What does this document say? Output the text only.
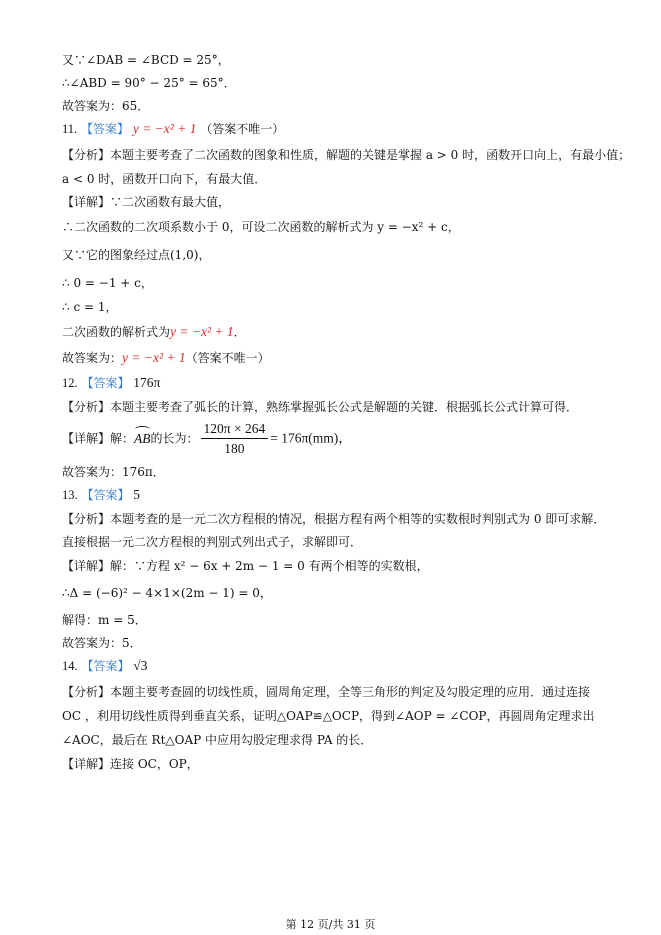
又∵∠DAB = ∠BCD = 25°，
∴∠ABD = 90° − 25° = 65°．
故答案为：65．
11. 【答案】 y = −x² + 1 （答案不唯一）
【分析】本题主要考查了二次函数的图象和性质，解题的关键是掌握 a > 0 时，函数开口向上，有最小值；
a < 0 时，函数开口向下，有最大值．
【详解】∵二次函数有最大值，
∴二次函数的二次项系数小于 0，可设二次函数的解析式为 y = −x² + c，
又∵它的图象经过点(1,0)，
∴ 0 = −1 + c，
∴ c = 1，
二次函数的解析式为y = −x² + 1．
故答案为：y = −x² + 1（答案不唯一）
12. 【答案】 176π
【分析】本题主要考查了弧长的计算，熟练掌握弧长公式是解题的关键．根据弧长公式计算可得．
【详解】解：AB的长为： $\frac{120\pi \times 264}{180} = 176\pi(mm)$，
故答案为：176π．
13. 【答案】 5
【分析】本题考查的是一元二次方程根的情况，根据方程有两个相等的实数根时判别式为 0 即可求解．
直接根据一元二次方程根的判别式列出式子，求解即可．
【详解】解：∵方程 x² − 6x + 2m − 1 = 0 有两个相等的实数根，
∴Δ = (−6)² − 4×1×(2m − 1) = 0，
解得：m = 5．
故答案为：5．
14. 【答案】 √3
【分析】本题主要考查圆的切线性质，圆周角定理，全等三角形的判定及勾股定理的应用．通过连接
OC ，利用切线性质得到垂直关系，证明△OAP≌△OCP，得到∠AOP = ∠COP，再圆周角定理求出
∠AOC，最后在 Rt△OAP 中应用勾股定理求得 PA 的长．
【详解】连接 OC，OP，
第 12 页/共 31 页
